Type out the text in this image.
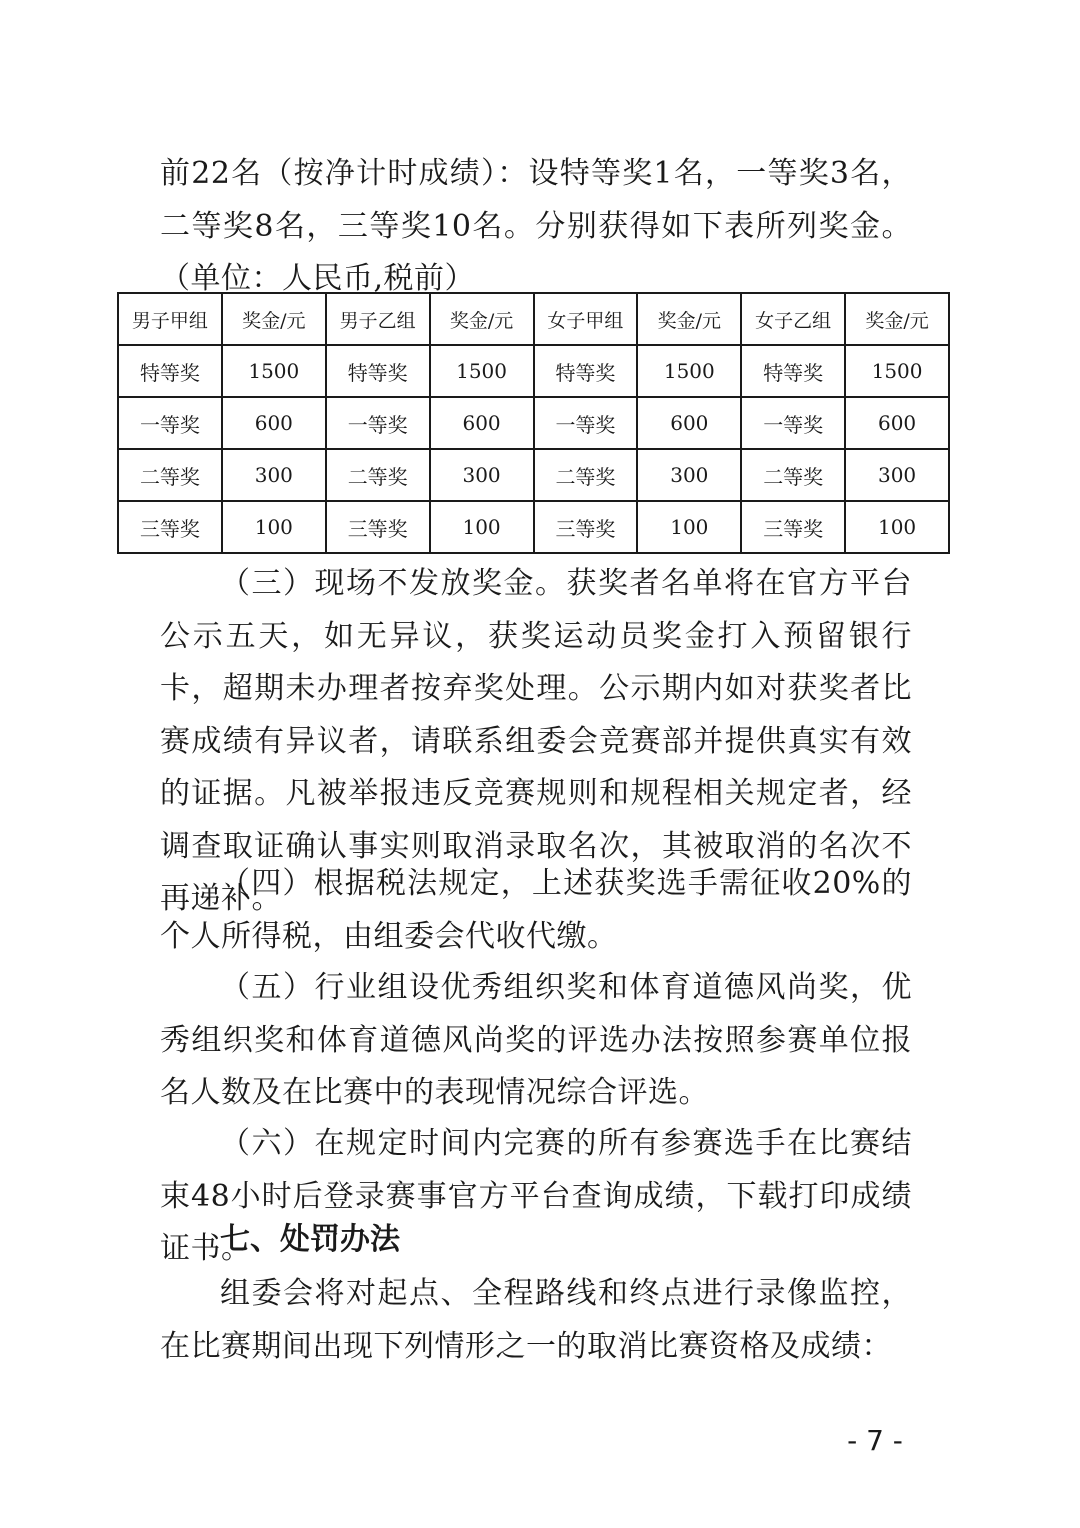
前22名（按净计时成绩）：设特等奖1名，一等奖3名，二等奖8名，三等奖10名。分别获得如下表所列奖金。（单位：人民币,税前）

男子甲组	奖金/元	男子乙组	奖金/元	女子甲组	奖金/元	女子乙组	奖金/元
特等奖	1500	特等奖	1500	特等奖	1500	特等奖	1500
一等奖	600	一等奖	600	一等奖	600	一等奖	600
二等奖	300	二等奖	300	二等奖	300	二等奖	300
三等奖	100	三等奖	100	三等奖	100	三等奖	100

（三）现场不发放奖金。获奖者名单将在官方平台公示五天，如无异议，获奖运动员奖金打入预留银行卡，超期未办理者按弃奖处理。公示期内如对获奖者比赛成绩有异议者，请联系组委会竞赛部并提供真实有效的证据。凡被举报违反竞赛规则和规程相关规定者，经调查取证确认事实则取消录取名次，其被取消的名次不再递补。

（四）根据税法规定，上述获奖选手需征收20%的个人所得税，由组委会代收代缴。

（五）行业组设优秀组织奖和体育道德风尚奖，优秀组织奖和体育道德风尚奖的评选办法按照参赛单位报名人数及在比赛中的表现情况综合评选。

（六）在规定时间内完赛的所有参赛选手在比赛结束48小时后登录赛事官方平台查询成绩，下载打印成绩证书。

七、处罚办法

组委会将对起点、全程路线和终点进行录像监控，在比赛期间出现下列情形之一的取消比赛资格及成绩：

- 7 -
